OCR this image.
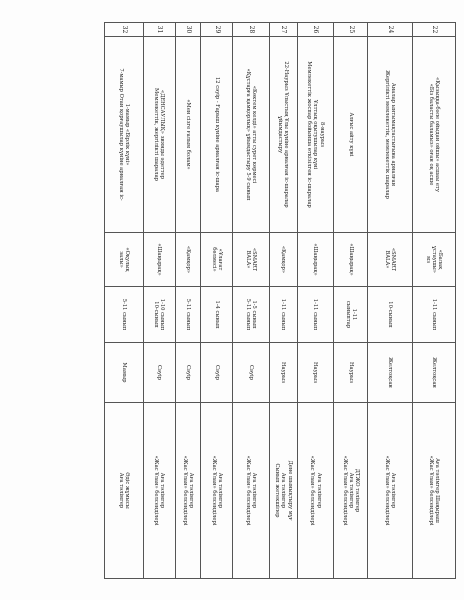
22	«Қызыққа-бәле ойыдан ойшы» асшаы ету
«Біз баласты баламыз» оған оқ асше	«Балақ
ұстаушы»
мз	1-11 сынып	Желтоқсан	Аға тәлімгер Шаңыраш
«Жас Ұлан» белсенділері
24	Аналар ынтымақтастығына арналған
Жергілікті мемлекеттік, мемлекеттік шаралар	«SMART
BALA»	10-сынып	Желтоқсан	Аға тәлімгер
«Жас Ұлан» белсенділері
25	Алғыс айту күні	«Шаңырақ»	1-11
сыныптар	Наурыз	ДТЖО тәлімгер
Аға тәлімгер
«Жас Ұлан» белсенділері
26	8-наурыз
Ұлттық оқытушылар күні
Мемлекеттік жоспар бойынша өткізілген іс-шаралар	«Шаңырақ»	1-11 сынып	Наурыз	Аға тәлімгер
«Жас Ұлан» белсенділері
27	22-Наурыз Ұлыстың Ұлы күніне арналған іс-шаралар
ұйымдастыру	«Қамқор»	1-11 сынып	Наурыз	Дене шынықтыру мұғ
Аға тәлімгер
Сынып жетекшілер
28	«Көктем келді» атты сурет көрмесі
«Құстарға қамқорлық» ұйымдастыру 5-9 сынып	«SMART
BALA»	1-5 сынып
5-11 сынып	Сәуір	Аға тәлімгер
«Жас Ұлан» белсенділері
29	12 сәуір - Ғарыш күніне арналған іс-шара	«Ұлағат
бөлмесі»	1-4 сынып	Сәуір	Аға тәлімгер
«Жас Ұлан» белсенділері
30	«Мен сізге ғалым болам»	«Қамқор»	5-11 сынып	Сәуір	Аға тәлімгер
«Жас Ұлан» белсенділері
31	«ДЕНСАУЛЫҚ» зиянды әдеттер
Мемлекеттік, жергілікті шаралар	«Шаңырақ»	1-10 сынып
10-сынып	Сәуір	Аға тәлімгер
«Жас Ұлан» белсенділері
32	1-мамыр «Бірлік күні»
7-мамыр Отан қорғаушылар күніне арналған іс-	«Оқулық
залы»	5-11 сынып	Мамыр	Әдіс жұмысы
Аға тәлімгер
